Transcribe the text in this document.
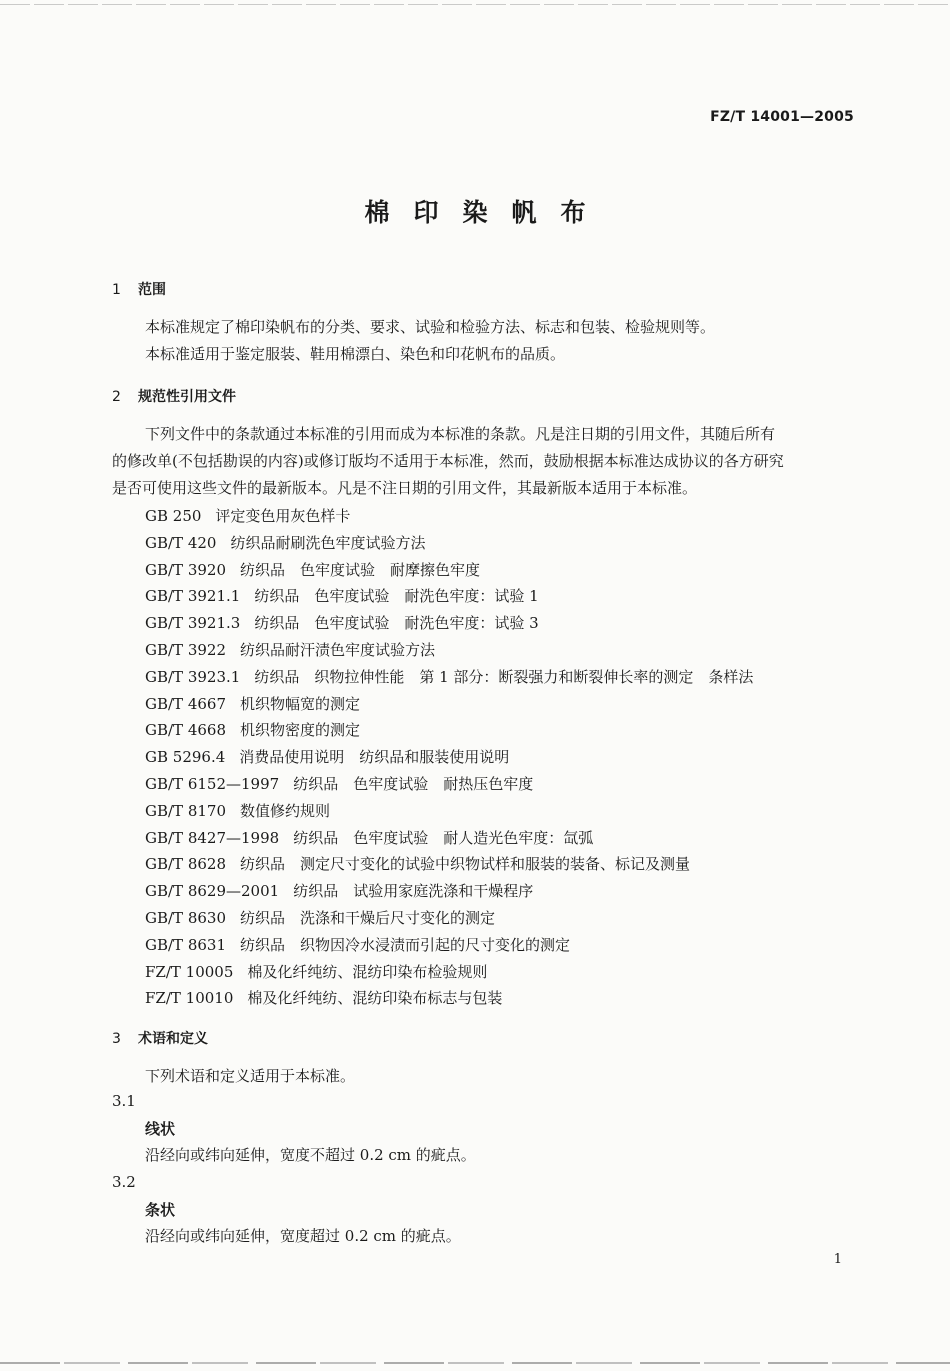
FZ/T 14001—2005
棉印染帆布
1 范围
本标准规定了棉印染帆布的分类、要求、试验和检验方法、标志和包装、检验规则等。
本标准适用于鉴定服装、鞋用棉漂白、染色和印花帆布的品质。
2 规范性引用文件
下列文件中的条款通过本标准的引用而成为本标准的条款。凡是注日期的引用文件，其随后所有
的修改单(不包括勘误的内容)或修订版均不适用于本标准，然而，鼓励根据本标准达成协议的各方研究
是否可使用这些文件的最新版本。凡是不注日期的引用文件，其最新版本适用于本标准。
GB 250 评定变色用灰色样卡
GB/T 420 纺织品耐刷洗色牢度试验方法
GB/T 3920 纺织品　色牢度试验　耐摩擦色牢度
GB/T 3921.1 纺织品　色牢度试验　耐洗色牢度：试验 1
GB/T 3921.3 纺织品　色牢度试验　耐洗色牢度：试验 3
GB/T 3922 纺织品耐汗渍色牢度试验方法
GB/T 3923.1 纺织品　织物拉伸性能　第 1 部分：断裂强力和断裂伸长率的测定　条样法
GB/T 4667 机织物幅宽的测定
GB/T 4668 机织物密度的测定
GB 5296.4 消费品使用说明　纺织品和服装使用说明
GB/T 6152—1997 纺织品　色牢度试验　耐热压色牢度
GB/T 8170 数值修约规则
GB/T 8427—1998 纺织品　色牢度试验　耐人造光色牢度：氙弧
GB/T 8628 纺织品　测定尺寸变化的试验中织物试样和服装的装备、标记及测量
GB/T 8629—2001 纺织品　试验用家庭洗涤和干燥程序
GB/T 8630 纺织品　洗涤和干燥后尺寸变化的测定
GB/T 8631 纺织品　织物因冷水浸渍而引起的尺寸变化的测定
FZ/T 10005 棉及化纤纯纺、混纺印染布检验规则
FZ/T 10010 棉及化纤纯纺、混纺印染布标志与包装
3 术语和定义
下列术语和定义适用于本标准。
3.1
线状
沿经向或纬向延伸，宽度不超过 0.2 cm 的疵点。
3.2
条状
沿经向或纬向延伸，宽度超过 0.2 cm 的疵点。
1
